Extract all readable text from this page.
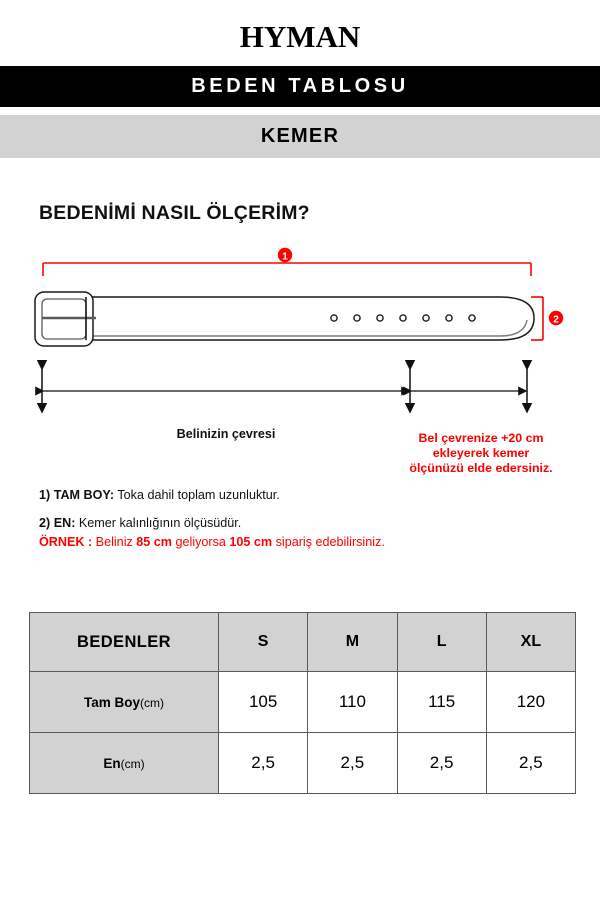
HYMAN
BEDEN TABLOSU
KEMER
BEDENİMİ NASIL ÖLÇERİM?
1
2
Belinizin çevresi	Bel çevrenize +20 cm
ekleyerek kemer
ölçünüzü elde edersiniz.
1) TAM BOY: Toka dahil toplam uzunluktur.
2) EN: Kemer kalınlığının ölçüsüdür.
ÖRNEK : Beliniz 85 cm geliyorsa 105 cm sipariş edebilirsiniz.
BEDENLER	S	M	L	XL
Tam Boy(cm)	105	110	115	120
En(cm)	2,5	2,5	2,5	2,5
